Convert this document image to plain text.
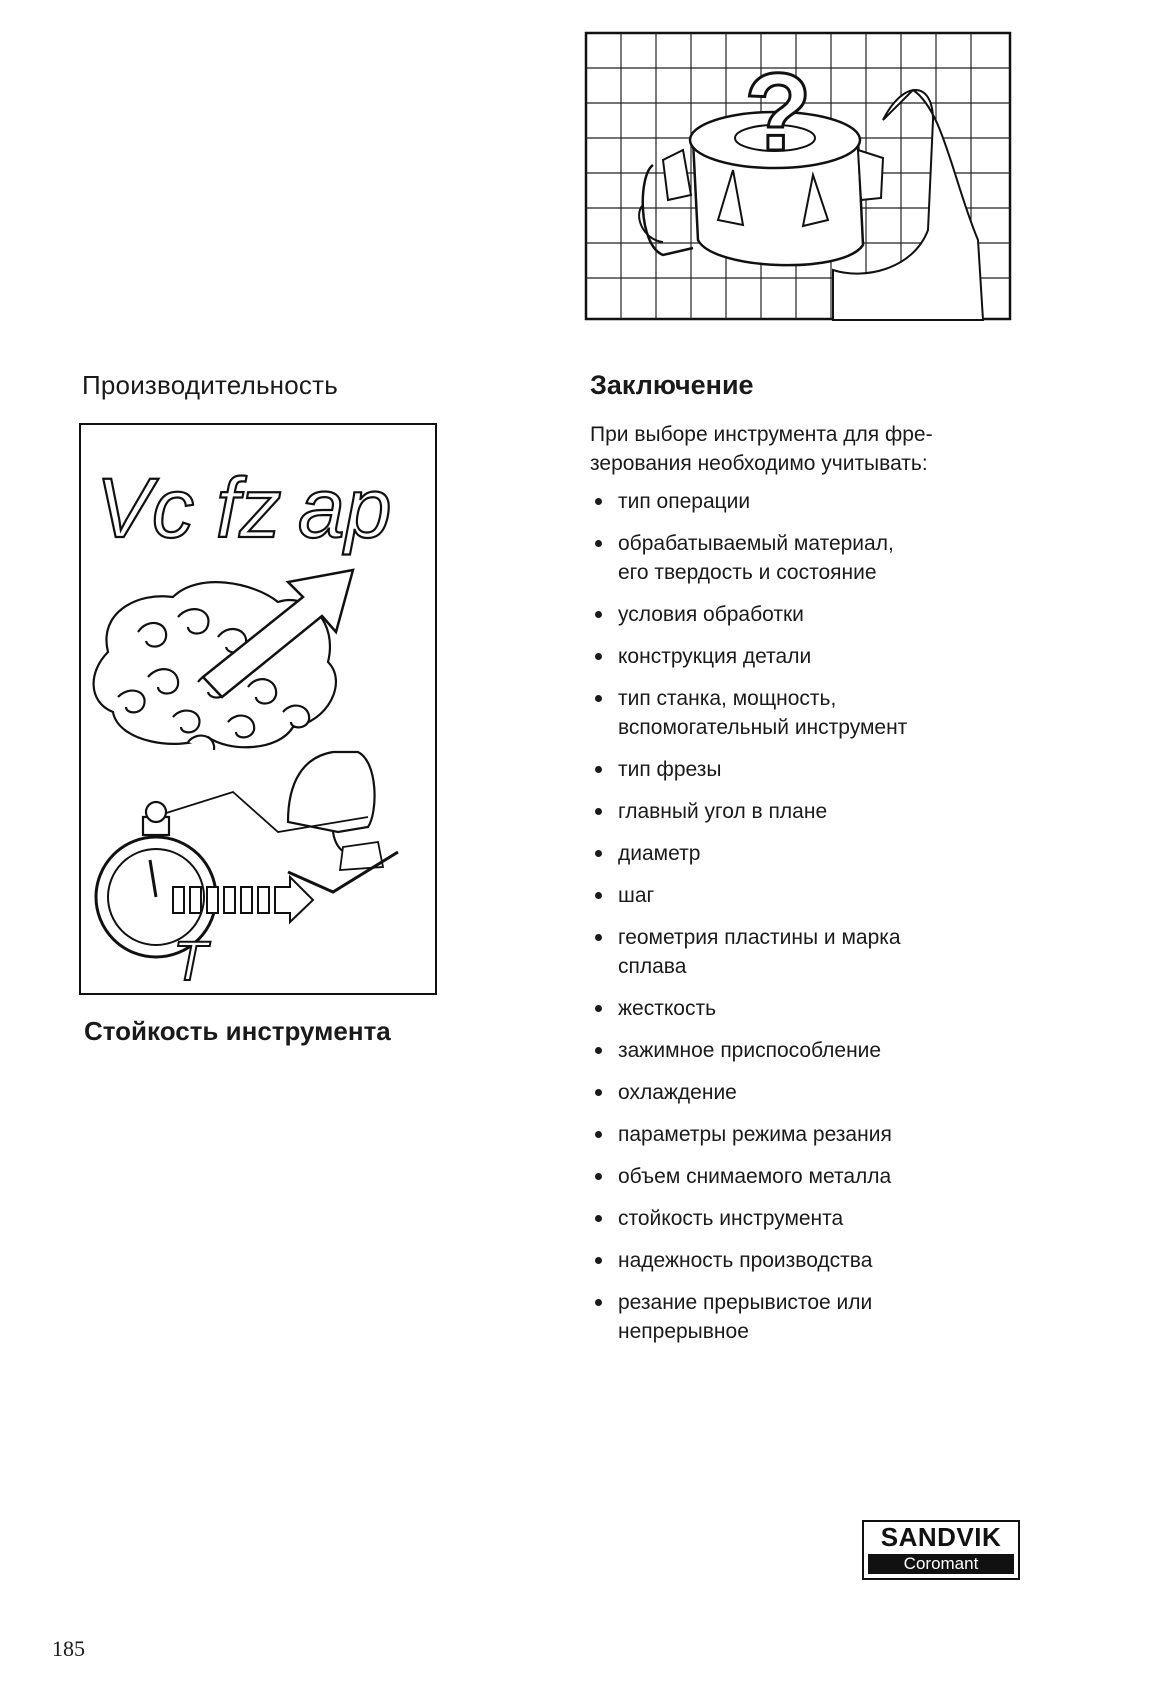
?
Производительность
Vc fz ap
T
Стойкость инструмента
Заключение
При выборе инструмента для фре-
зерования необходимо учитывать:
тип операции
обрабатываемый материал, его твердость и состояние
условия обработки
конструкция детали
тип станка, мощность, вспомогательный инструмент
тип фрезы
главный угол в плане
диаметр
шаг
геометрия пластины и марка сплава
жесткость
зажимное приспособление
охлаждение
параметры режима резания
объем снимаемого металла
стойкость инструмента
надежность производства
резание прерывистое или непрерывное
SANDVIK
Coromant
185
